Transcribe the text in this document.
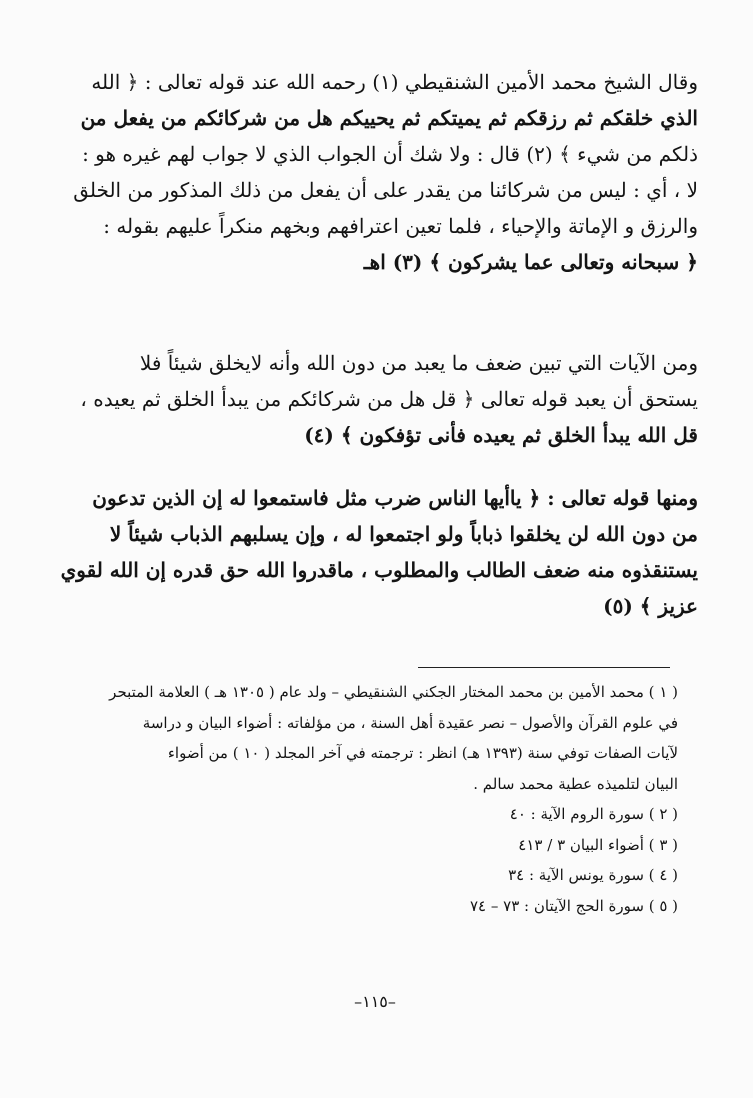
وقال الشيخ محمد الأمين الشنقيطي (١) رحمه الله عند قوله تعالى : ﴿ الله
الذي خلقكم ثم رزقكم ثم يميتكم ثم يحييكم هل من شركائكم من يفعل من
ذلكم من شيء ﴾ (٢) قال : ولا شك أن الجواب الذي لا جواب لهم غيره هو :
لا ، أي : ليس من شركائنا من يقدر على أن يفعل من ذلك المذكور من الخلق
والرزق و الإماتة والإحياء ، فلما تعين اعترافهم وبخهم منكراً عليهم بقوله :
﴿ سبحانه وتعالى عما يشركون ﴾ (٣) اهـ
ومن الآيات التي تبين ضعف ما يعبد من دون الله وأنه لايخلق شيئاً فلا
يستحق أن يعبد قوله تعالى ﴿ قل هل من شركائكم من يبدأ الخلق ثم يعيده ،
قل الله يبدأ الخلق ثم يعيده فأنى تؤفكون ﴾ (٤)
ومنها قوله تعالى : ﴿ ياأيها الناس ضرب مثل فاستمعوا له إن الذين تدعون
من دون الله لن يخلقوا ذباباً ولو اجتمعوا له ، وإن يسلبهم الذباب شيئاً لا
يستنقذوه منه ضعف الطالب والمطلوب ، ماقدروا الله حق قدره إن الله لقوي
عزيز ﴾ (٥)
( ١ ) محمد الأمين بن محمد المختار الجكني الشنقيطي – ولد عام ( ١٣٠٥ هـ ) العلامة المتبحر
في علوم القرآن والأصول – نصر عقيدة أهل السنة ، من مؤلفاته : أضواء البيان و دراسة
لآيات الصفات توفي سنة (١٣٩٣ هـ) انظر : ترجمته في آخر المجلد ( ١٠ ) من أضواء
البيان لتلميذه عطية محمد سالم .
( ٢ ) سورة الروم الآية : ٤٠
( ٣ ) أضواء البيان ٣ / ٤١٣
( ٤ ) سورة يونس الآية : ٣٤
( ٥ ) سورة الحج الآيتان : ٧٣ – ٧٤
–١١٥–
